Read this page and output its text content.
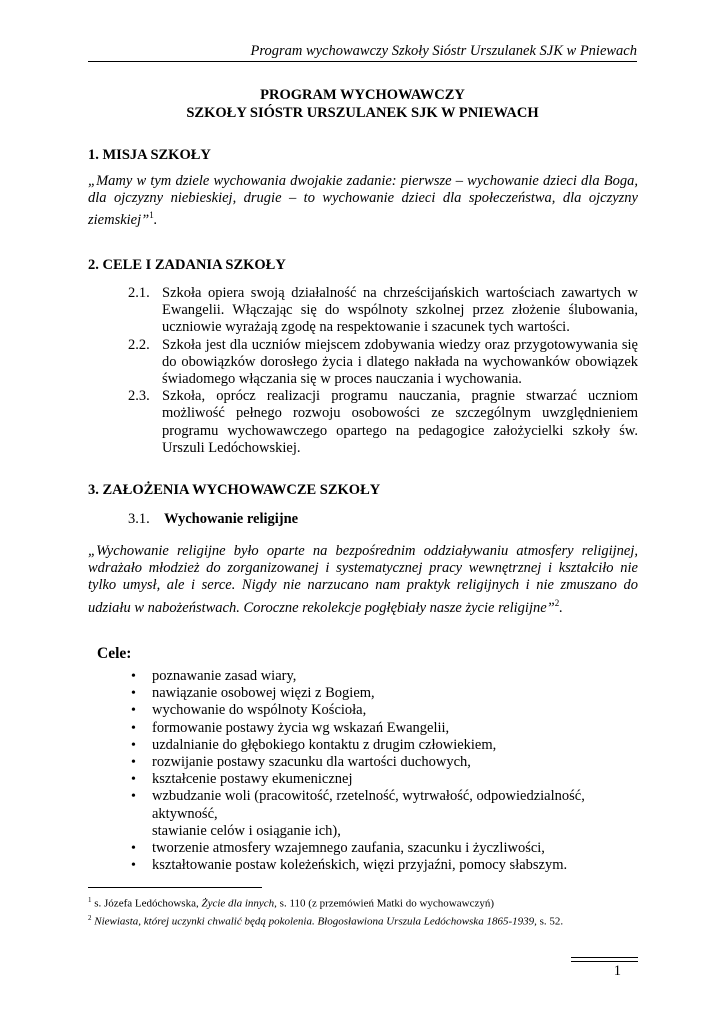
Program wychowawczy Szkoły Sióstr Urszulanek SJK w Pniewach
PROGRAM WYCHOWAWCZY
SZKOŁY SIÓSTR URSZULANEK SJK W PNIEWACH
1. MISJA SZKOŁY

„Mamy w tym dziele wychowania dwojakie zadanie: pierwsze – wychowanie dzieci dla Boga, dla ojczyzny niebieskiej, drugie – to wychowanie dzieci dla społeczeństwa, dla ojczyzny ziemskiej”$^1$.

2. CELE I ZADANIA SZKOŁY
2.1. Szkoła opiera swoją działalność na chrześcijańskich wartościach zawartych w Ewangelii. Włączając się do wspólnoty szkolnej przez złożenie ślubowania, uczniowie wyrażają zgodę na respektowanie i szacunek tych wartości.
2.2. Szkoła jest dla uczniów miejscem zdobywania wiedzy oraz przygotowywania się do obowiązków dorosłego życia i dlatego nakłada na wychowanków obowiązek świadomego włączania się w proces nauczania i wychowania.
2.3. Szkoła, oprócz realizacji programu nauczania, pragnie stwarzać uczniom możliwość pełnego rozwoju osobowości ze szczególnym uwzględnieniem programu wychowawczego opartego na pedagogice założycielki szkoły św. Urszuli Ledóchowskiej.
3. ZAŁOŻENIA WYCHOWAWCZE SZKOŁY

3.1. Wychowanie religijne

„Wychowanie religijne było oparte na bezpośrednim oddziaływaniu atmosfery religijnej, wdrażało młodzież do zorganizowanej i systematycznej pracy wewnętrznej i kształciło nie tylko umysł, ale i serce. Nigdy nie narzucano nam praktyk religijnych i nie zmuszano do udziału w nabożeństwach. Coroczne rekolekcje pogłębiały nasze życie religijne”$^2$.

Cele:
•	poznawanie zasad wiary,
•	nawiązanie osobowej więzi z Bogiem,
•	wychowanie do wspólnoty Kościoła,
•	formowanie postawy życia wg wskazań Ewangelii,
•	uzdalnianie do głębokiego kontaktu z drugim człowiekiem,
•	rozwijanie postawy szacunku dla wartości duchowych,
•	kształcenie postawy ekumenicznej
•	wzbudzanie woli (pracowitość, rzetelność, wytrwałość, odpowiedzialność, aktywność,
stawianie celów i osiąganie ich),
•	tworzenie atmosfery wzajemnego zaufania, szacunku i życzliwości,
•	kształtowanie postaw koleżeńskich, więzi przyjaźni, pomocy słabszym.
$^1$ s. Józefa Ledóchowska, Życie dla innych, s. 110 (z przemówień Matki do wychowawczyń)
$^2$ Niewiasta, której uczynki chwalić będą pokolenia. Błogosławiona Urszula Ledóchowska 1865-1939, s. 52.
1
